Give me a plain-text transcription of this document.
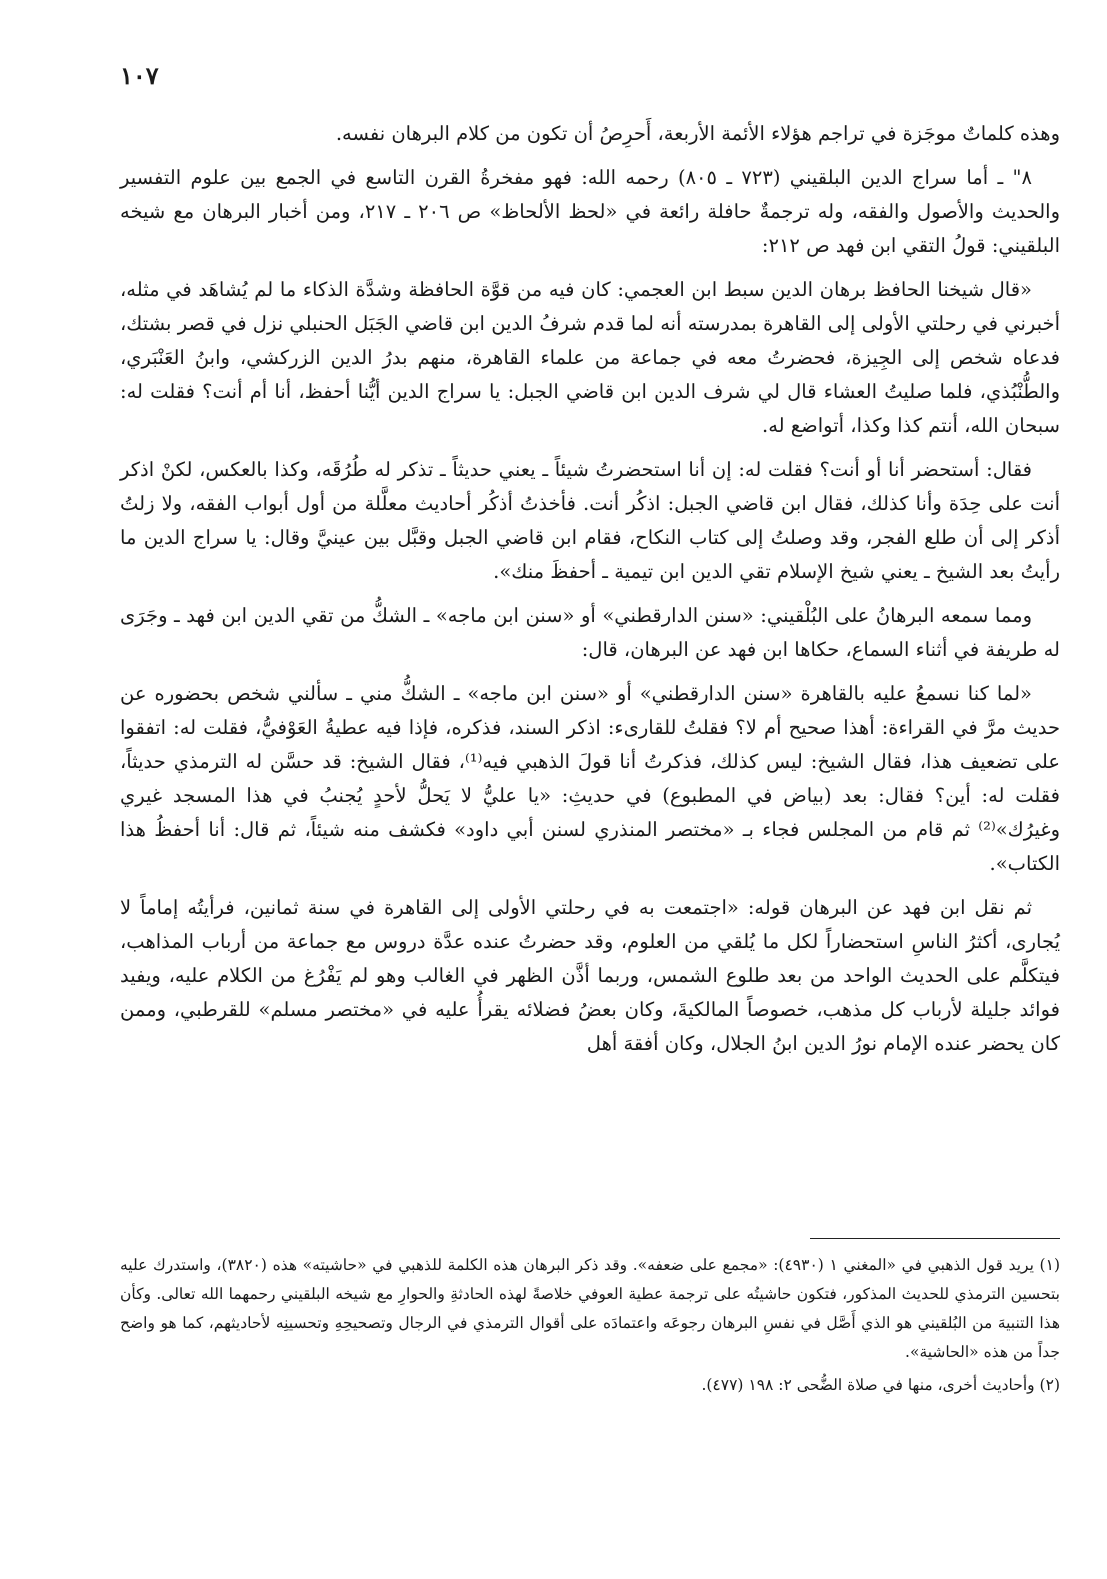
١٠٧

وهذه كلماتٌ موجَزة في تراجم هؤلاء الأئمة الأربعة، أَحرِصُ أن تكون من كلام البرهان نفسه.

٨" ـ أما سراج الدين البلقيني (٧٢٣ ـ ٨٠٥) رحمه الله: فهو مفخرةُ القرن التاسع في الجمع بين علوم التفسير والحديث والأصول والفقه، وله ترجمةٌ حافلة رائعة في «لحظ الألحاظ» ص ٢٠٦ ـ ٢١٧، ومن أخبار البرهان مع شيخه البلقيني: قولُ التقي ابن فهد ص ٢١٢:

«قال شيخنا الحافظ برهان الدين سبط ابن العجمي: كان فيه من قوَّة الحافظة وشدَّة الذكاء ما لم يُشاهَد في مثله، أخبرني في رحلتي الأولى إلى القاهرة بمدرسته أنه لما قدم شرفُ الدين ابن قاضي الجَبَل الحنبلي نزل في قصر بشتك، فدعاه شخص إلى الجِيزة، فحضرتُ معه في جماعة من علماء القاهرة، منهم بدرُ الدين الزركشي، وابنُ العَنْبَري، والطُّنْبُذي، فلما صليتُ العشاء قال لي شرف الدين ابن قاضي الجبل: يا سراج الدين أيُّنا أحفظ، أنا أم أنت؟ فقلت له: سبحان الله، أنتم كذا وكذا، أتواضع له.

فقال: أستحضر أنا أو أنت؟ فقلت له: إن أنا استحضرتُ شيئاً ـ يعني حديثاً ـ تذكر له طُرُقَه، وكذا بالعكس، لكنْ اذكر أنت على حِدَة وأنا كذلك، فقال ابن قاضي الجبل: اذكُر أنت. فأخذتُ أذكُر أحاديث معلَّلة من أول أبواب الفقه، ولا زلتُ أذكر إلى أن طلع الفجر، وقد وصلتُ إلى كتاب النكاح، فقام ابن قاضي الجبل وقبَّل بين عينيَّ وقال: يا سراج الدين ما رأيتُ بعد الشيخ ـ يعني شيخ الإسلام تقي الدين ابن تيمية ـ أحفظَ منك».

ومما سمعه البرهانُ على البُلْقيني: «سنن الدارقطني» أو «سنن ابن ماجه» ـ الشكُّ من تقي الدين ابن فهد ـ وجَرَى له طريفة في أثناء السماع، حكاها ابن فهد عن البرهان، قال:

«لما كنا نسمعُ عليه بالقاهرة «سنن الدارقطني» أو «سنن ابن ماجه» ـ الشكُّ مني ـ سألني شخص بحضوره عن حديث مرَّ في القراءة: أهذا صحيح أم لا؟ فقلتُ للقارىء: اذكر السند، فذكره، فإذا فيه عطيةُ العَوْفيُّ، فقلت له: اتفقوا على تضعيف هذا، فقال الشيخ: ليس كذلك، فذكرتُ أنا قولَ الذهبي فيه⁽¹⁾، فقال الشيخ: قد حسَّن له الترمذي حديثاً، فقلت له: أين؟ فقال: بعد (بياض في المطبوع) في حديثِ: «يا عليُّ لا يَحلُّ لأحدٍ يُجنبُ في هذا المسجد غيري وغيرُك»⁽²⁾ ثم قام من المجلس فجاء بـ «مختصر المنذري لسنن أبي داود» فكشف منه شيئاً، ثم قال: أنا أحفظُ هذا الكتاب».

ثم نقل ابن فهد عن البرهان قوله: «اجتمعت به في رحلتي الأولى إلى القاهرة في سنة ثمانين، فرأيتُه إماماً لا يُجارى، أكثرُ الناسِ استحضاراً لكل ما يُلقي من العلوم، وقد حضرتُ عنده عدَّة دروس مع جماعة من أرباب المذاهب، فيتكلَّم على الحديث الواحد من بعد طلوع الشمس، وربما أذَّن الظهر في الغالب وهو لم يَفْرُغ من الكلام عليه، ويفيد فوائد جليلة لأرباب كل مذهب، خصوصاً المالكيةَ، وكان بعضُ فضلائه يقرأُ عليه في «مختصر مسلم» للقرطبي، وممن كان يحضر عنده الإمام نورُ الدين ابنُ الجلال، وكان أفقهَ أهل

(١) يريد قول الذهبي في «المغني ١ (٤٩٣٠): «مجمع على ضعفه». وقد ذكر البرهان هذه الكلمة للذهبي في «حاشيته» هذه (٣٨٢٠)، واستدرك عليه بتحسين الترمذي للحديث المذكور، فتكون حاشيتُه على ترجمة عطية العوفي خلاصةً لهذه الحادثةِ والحوارِ مع شيخه البلقيني رحمهما الله تعالى. وكأن هذا التنبيهَ من البُلقيني هو الذي أَصَّل في نفسِ البرهان رجوعَه واعتمادَه على أقوال الترمذي في الرجال وتصحيحِهِ وتحسينِه لأحاديثهم، كما هو واضح جداً من هذه «الحاشية».

(٢) وأحاديث أخرى، منها في صلاة الضُّحى ٢: ١٩٨ (٤٧٧).
